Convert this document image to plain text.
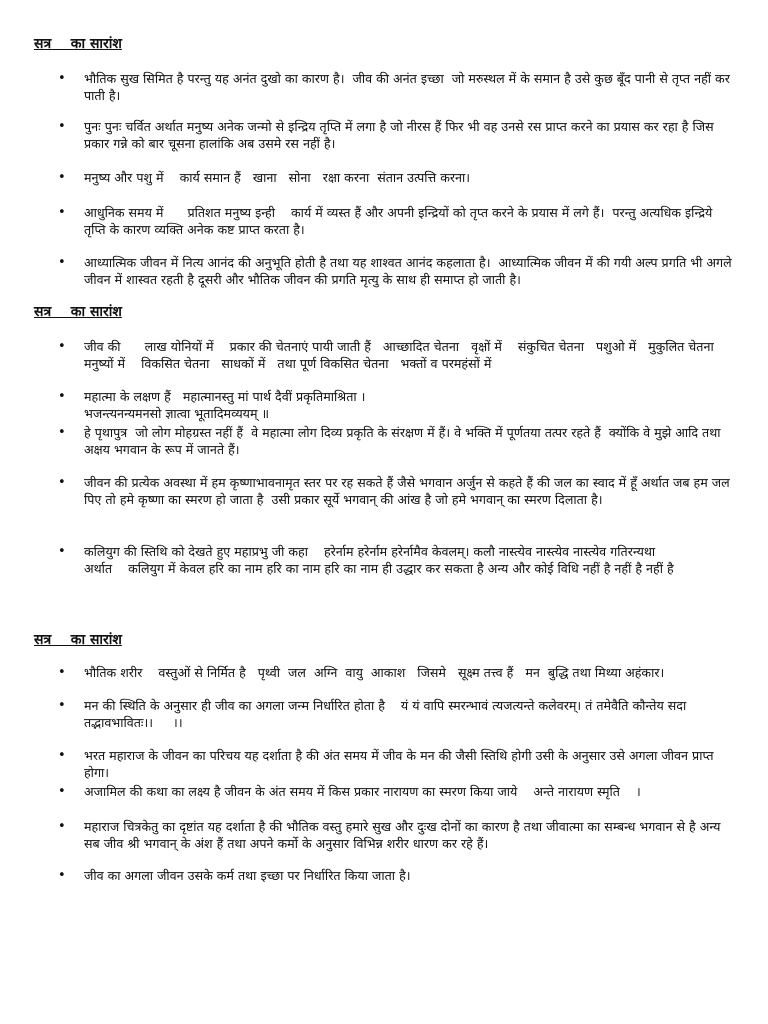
सत्र    का सारांश
• भौतिक सुख सिमित है परन्तु यह अनंत दुखो का कारण है।  जीव की अनंत इच्छा  जो मरुस्थल में के समान है उसे कुछ बूँद पानी से तृप्त नहीं कर पाती है।
• पुनः पुनः चर्वित अर्थात मनुष्य अनेक जन्मो से इन्द्रिय तृप्ति में लगा है जो नीरस हैं फिर भी वह उनसे रस प्राप्त करने का प्रयास कर रहा है जिस प्रकार गन्ने को बार चूसना हालांकि अब उसमे रस नहीं है।
• मनुष्य और पशु में    कार्य समान हैं   खाना   सोना   रक्षा करना  संतान उत्पत्ति करना।
• आधुनिक समय में      प्रतिशत मनुष्य इन्ही    कार्य में व्यस्त हैं और अपनी इन्द्रियों को तृप्त करने के प्रयास में लगे हैं।  परन्तु अत्यधिक इन्द्रिये तृप्ति के कारण व्यक्ति अनेक कष्ट प्राप्त करता है।
• आध्यात्मिक जीवन में नित्य आनंद की अनुभूति होती है तथा यह शाश्वत आनंद कहलाता है।  आध्यात्मिक जीवन में की गयी अल्प प्रगति भी अगले जीवन में शास्वत रहती है दूसरी और भौतिक जीवन की प्रगति मृत्यु के साथ ही समाप्त हो जाती है।
सत्र    का सारांश
• जीव की      लाख योनियों में    प्रकार की चेतनाएं पायी जाती हैं   आच्छादित चेतना   वृक्षों में    संकुचित चेतना   पशुओ में   मुकुलित चेतना   मनुष्यों में    विकसित चेतना   साधकों में   तथा पूर्ण विकसित चेतना   भक्तों व परमहंसों में
• महात्मा के लक्षण हैं   महात्मानस्तु मां पार्थ दैवीं प्रकृतिमाश्रिता ।
भजन्त्यनन्यमनसो ज्ञात्वा भूतादिमव्ययम् ॥
• हे पृथापुत्र  जो लोग मोहग्रस्त नहीं हैं  वे महात्मा लोग दिव्य प्रकृति के संरक्षण में हैं। वे भक्ति में पूर्णतया तत्पर रहते हैं  क्योंकि वे मुझे आदि तथा अक्षय भगवान के रूप में जानते हैं।
• जीवन की प्रत्येक अवस्था में हम कृष्णाभावनामृत स्तर पर रह सकते हैं जैसे भगवान अर्जुन से कहते हैं की जल का स्वाद में हूँ अर्थात जब हम जल पिए तो हमे कृष्णा का स्मरण हो जाता है  उसी प्रकार सूर्ये भगवान् की आंख है जो हमे भगवान् का स्मरण दिलाता है।
• कलियुग की स्तिथि को देखते हुए महाप्रभु जी कहा    हरेर्नाम हरेर्नाम हरेर्नामैव केवलम्। कलौ नास्त्येव नास्त्येव नास्त्येव गतिरन्यथा
अर्थात    कलियुग में केवल हरि का नाम हरि का नाम हरि का नाम ही उद्धार कर सकता है अन्य और कोई विधि नहीं है नहीं है नहीं है
सत्र    का सारांश
• भौतिक शरीर    वस्तुओं से निर्मित है   पृथ्वी  जल  अग्नि  वायु  आकाश   जिसमे   सूक्ष्म तत्त्व हैं   मन  बुद्धि तथा मिथ्या अहंकार।
• मन की स्थिति के अनुसार ही जीव का अगला जन्म निर्धारित होता है    यं यं वापि स्मरन्भावं त्यजत्यन्ते कलेवरम्। तं तमेवैति कौन्तेय सदा तद्भावभावितः।।     ।।
• भरत महाराज के जीवन का परिचय यह दर्शाता है की अंत समय में जीव के मन की जैसी स्तिथि होगी उसी के अनुसार उसे अगला जीवन प्राप्त होगा।
• अजामिल की कथा का लक्ष्य है जीवन के अंत समय में किस प्रकार नारायण का स्मरण किया जाये    अन्ते नारायण स्मृति    ।
• महाराज चित्रकेतु का दृष्टांत यह दर्शाता है की भौतिक वस्तु हमारे सुख और दुःख दोनों का कारण है तथा जीवात्मा का सम्बन्ध भगवान से है अन्य सब जीव श्री भगवान् के अंश हैं तथा अपने कर्मो के अनुसार विभिन्न शरीर धारण कर रहे हैं।
• जीव का अगला जीवन उसके कर्म तथा इच्छा पर निर्धारित किया जाता है।
